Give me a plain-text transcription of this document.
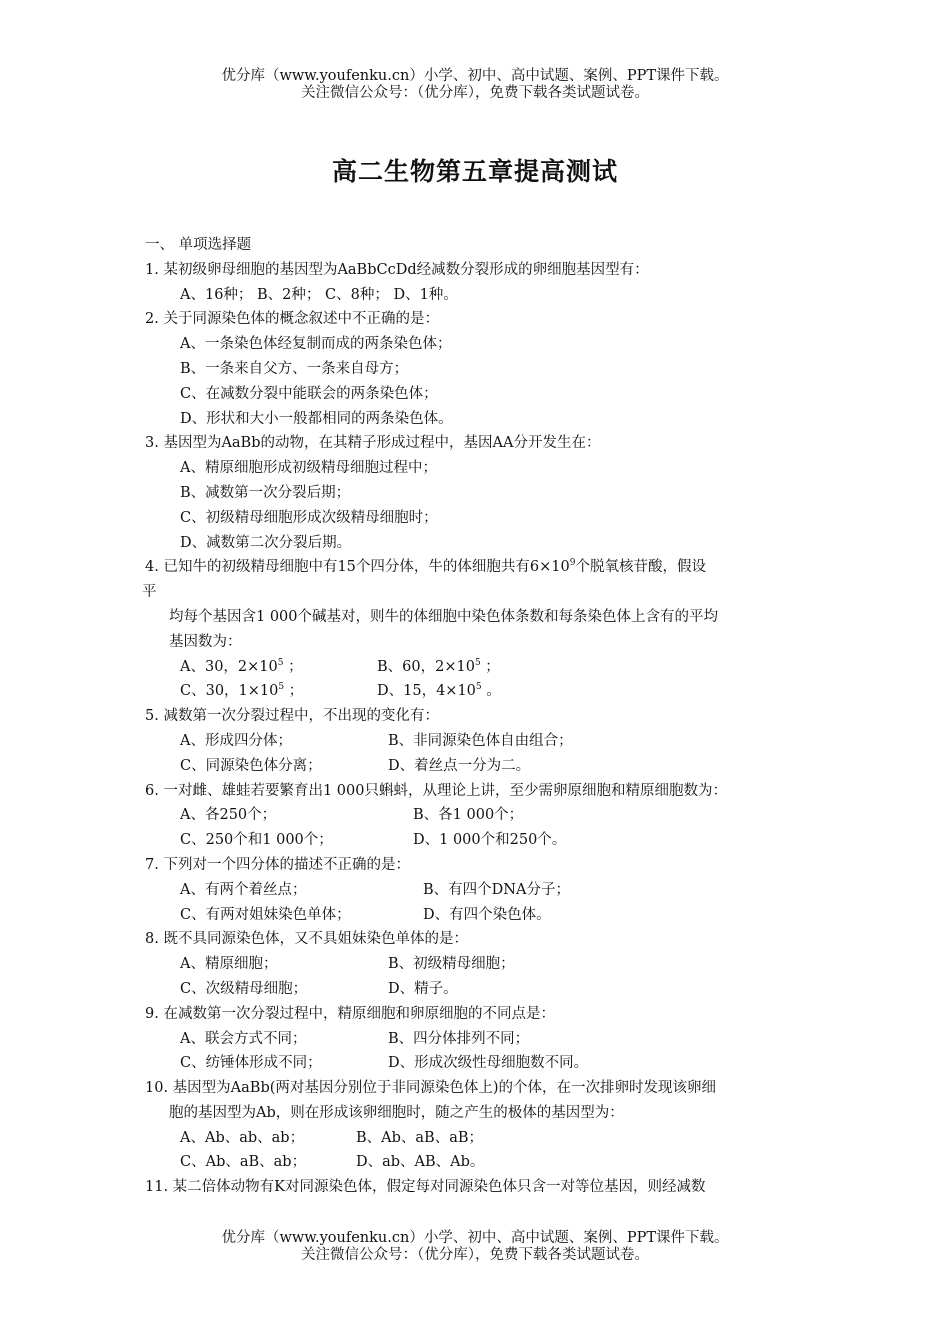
优分库（www.youfenku.cn）小学、初中、高中试题、案例、PPT课件下载。
关注微信公众号：（优分库），免费下载各类试题试卷。
高二生物第五章提高测试
一、 单项选择题
1. 某初级卵母细胞的基因型为AaBbCcDd经减数分裂形成的卵细胞基因型有：
A、16种； B、2种； C、8种； D、1种。
2. 关于同源染色体的概念叙述中不正确的是：
A、一条染色体经复制而成的两条染色体；
B、一条来自父方、一条来自母方；
C、在减数分裂中能联会的两条染色体；
D、形状和大小一般都相同的两条染色体。
3. 基因型为AaBb的动物，在其精子形成过程中，基因AA分开发生在：
A、精原细胞形成初级精母细胞过程中；
B、减数第一次分裂后期；
C、初级精母细胞形成次级精母细胞时；
D、减数第二次分裂后期。
4. 已知牛的初级精母细胞中有15个四分体，牛的体细胞共有$6\times 10^9$个脱氧核苷酸，假设
平
均每个基因含1 000个碱基对，则牛的体细胞中染色体条数和每条染色体上含有的平均
基因数为：
A、30，$2\times 10^5$ ；	B、60，$2\times 10^5$ ；
C、30，$1\times 10^5$ ；	D、15，$4\times 10^5$ 。
5. 减数第一次分裂过程中，不出现的变化有：
A、形成四分体；	B、非同源染色体自由组合；
C、同源染色体分离；	D、着丝点一分为二。
6. 一对雌、雄蛙若要繁育出1 000只蝌蚪，从理论上讲，至少需卵原细胞和精原细胞数为：
A、各250个；	B、各1 000个；
C、250个和1 000个；	D、1 000个和250个。
7. 下列对一个四分体的描述不正确的是：
A、有两个着丝点；	B、有四个DNA分子；
C、有两对姐妹染色单体；	D、有四个染色体。
8. 既不具同源染色体，又不具姐妹染色单体的是：
A、精原细胞；	B、初级精母细胞；
C、次级精母细胞；	D、精子。
9. 在减数第一次分裂过程中，精原细胞和卵原细胞的不同点是：
A、联会方式不同；	B、四分体排列不同；
C、纺锤体形成不同；	D、形成次级性母细胞数不同。
10. 基因型为AaBb(两对基因分别位于非同源染色体上)的个体，在一次排卵时发现该卵细
胞的基因型为Ab，则在形成该卵细胞时，随之产生的极体的基因型为：
A、Ab、ab、ab；	B、Ab、aB、aB；
C、Ab、aB、ab；	D、ab、AB、Ab。
11. 某二倍体动物有K对同源染色体，假定每对同源染色体只含一对等位基因，则经减数
优分库（www.youfenku.cn）小学、初中、高中试题、案例、PPT课件下载。
关注微信公众号：（优分库），免费下载各类试题试卷。
